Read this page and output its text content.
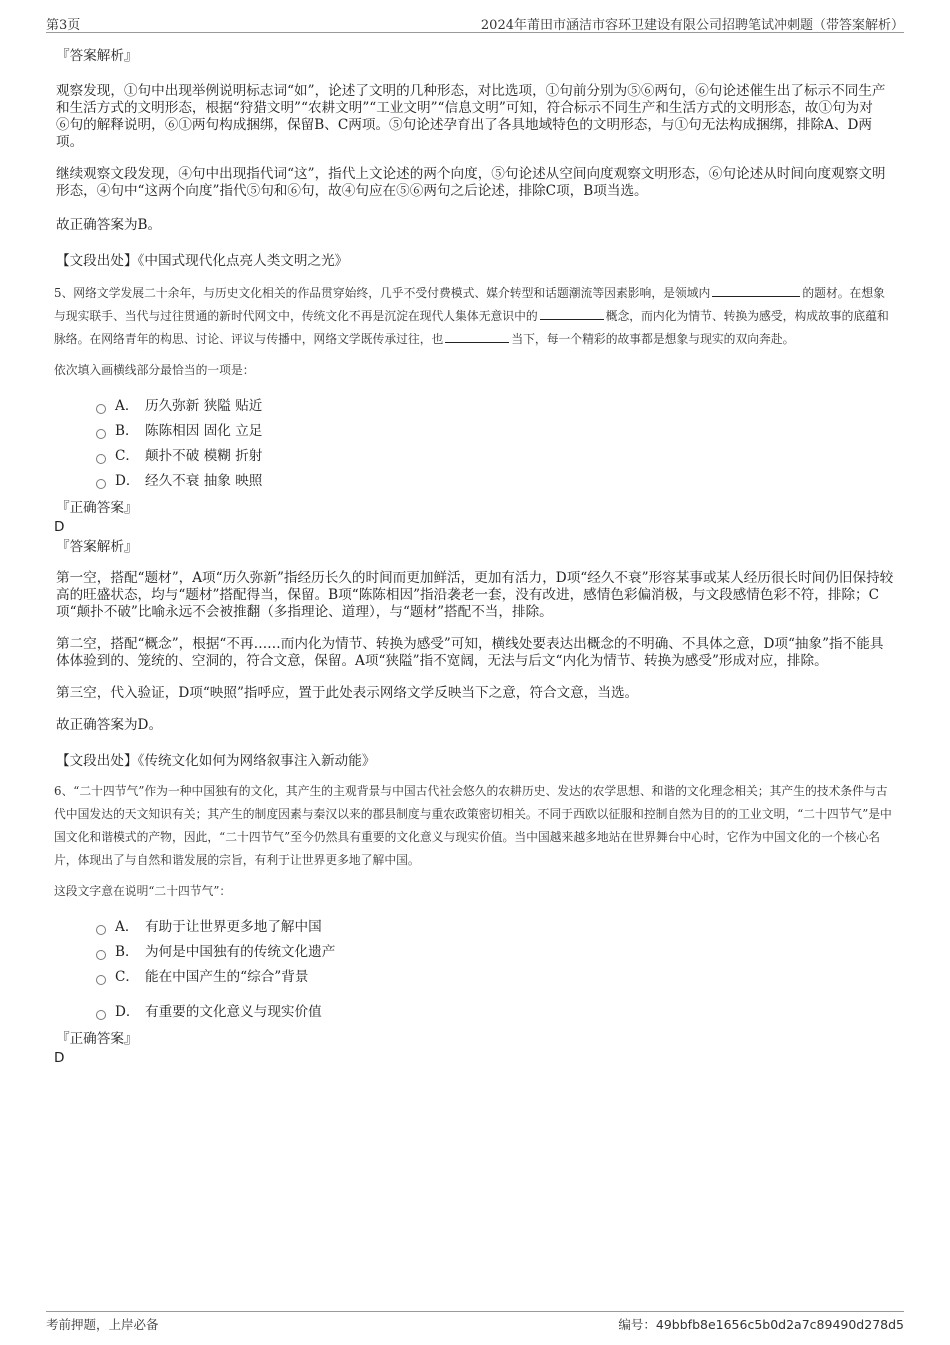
第3页	2024年莆田市涵洁市容环卫建设有限公司招聘笔试冲刺题（带答案解析）

『答案解析』

观察发现，①句中出现举例说明标志词“如”，论述了文明的几种形态，对比选项，①句前分别为⑤⑥两句，⑥句论述催生出了标示不同生产和生活方式的文明形态，根据“狩猎文明”“农耕文明”“工业文明”“信息文明”可知，符合标示不同生产和生活方式的文明形态，故①句为对⑥句的解释说明，⑥①两句构成捆绑，保留B、C两项。⑤句论述孕育出了各具地域特色的文明形态，与①句无法构成捆绑，排除A、D两项。

继续观察文段发现，④句中出现指代词“这”，指代上文论述的两个向度，⑤句论述从空间向度观察文明形态，⑥句论述从时间向度观察文明形态，④句中“这两个向度”指代⑤句和⑥句，故④句应在⑤⑥两句之后论述，排除C项，B项当选。

故正确答案为B。

【文段出处】《中国式现代化点亮人类文明之光》

5、网络文学发展二十余年，与历史文化相关的作品贯穿始终，几乎不受付费模式、媒介转型和话题潮流等因素影响，是领域内	的题材。在想象与现实联手、当代与过往贯通的新时代网文中，传统文化不再是沉淀在现代人集体无意识中的	概念，而内化为情节、转换为感受，构成故事的底蕴和脉络。在网络青年的构思、讨论、评议与传播中，网络文学既传承过往，也	当下，每一个精彩的故事都是想象与现实的双向奔赴。

依次填入画横线部分最恰当的一项是：

A． 历久弥新 狭隘 贴近
B． 陈陈相因 固化 立足
C． 颠扑不破 模糊 折射
D． 经久不衰 抽象 映照

『正确答案』

D

『答案解析』

第一空，搭配“题材”，A项“历久弥新”指经历长久的时间而更加鲜活，更加有活力，D项“经久不衰”形容某事或某人经历很长时间仍旧保持较高的旺盛状态，均与“题材”搭配得当，保留。B项“陈陈相因”指沿袭老一套，没有改进，感情色彩偏消极，与文段感情色彩不符，排除；C项“颠扑不破”比喻永远不会被推翻（多指理论、道理），与“题材”搭配不当，排除。

第二空，搭配“概念”，根据“不再……而内化为情节、转换为感受”可知，横线处要表达出概念的不明确、不具体之意，D项“抽象”指不能具体体验到的、笼统的、空洞的，符合文意，保留。A项“狭隘”指不宽阔，无法与后文“内化为情节、转换为感受”形成对应，排除。

第三空，代入验证，D项“映照”指呼应，置于此处表示网络文学反映当下之意，符合文意，当选。

故正确答案为D。

【文段出处】《传统文化如何为网络叙事注入新动能》

6、“二十四节气”作为一种中国独有的文化，其产生的主观背景与中国古代社会悠久的农耕历史、发达的农学思想、和谐的文化理念相关；其产生的技术条件与古代中国发达的天文知识有关；其产生的制度因素与秦汉以来的郡县制度与重农政策密切相关。不同于西欧以征服和控制自然为目的的工业文明，“二十四节气”是中国文化和谐模式的产物，因此，“二十四节气”至今仍然具有重要的文化意义与现实价值。当中国越来越多地站在世界舞台中心时，它作为中国文化的一个核心名片，体现出了与自然和谐发展的宗旨，有利于让世界更多地了解中国。

这段文字意在说明“二十四节气”：

A． 有助于让世界更多地了解中国
B． 为何是中国独有的传统文化遗产
C． 能在中国产生的“综合”背景
D． 有重要的文化意义与现实价值

『正确答案』

D

考前押题，上岸必备	编号：49bbfb8e1656c5b0d2a7c89490d278d5
